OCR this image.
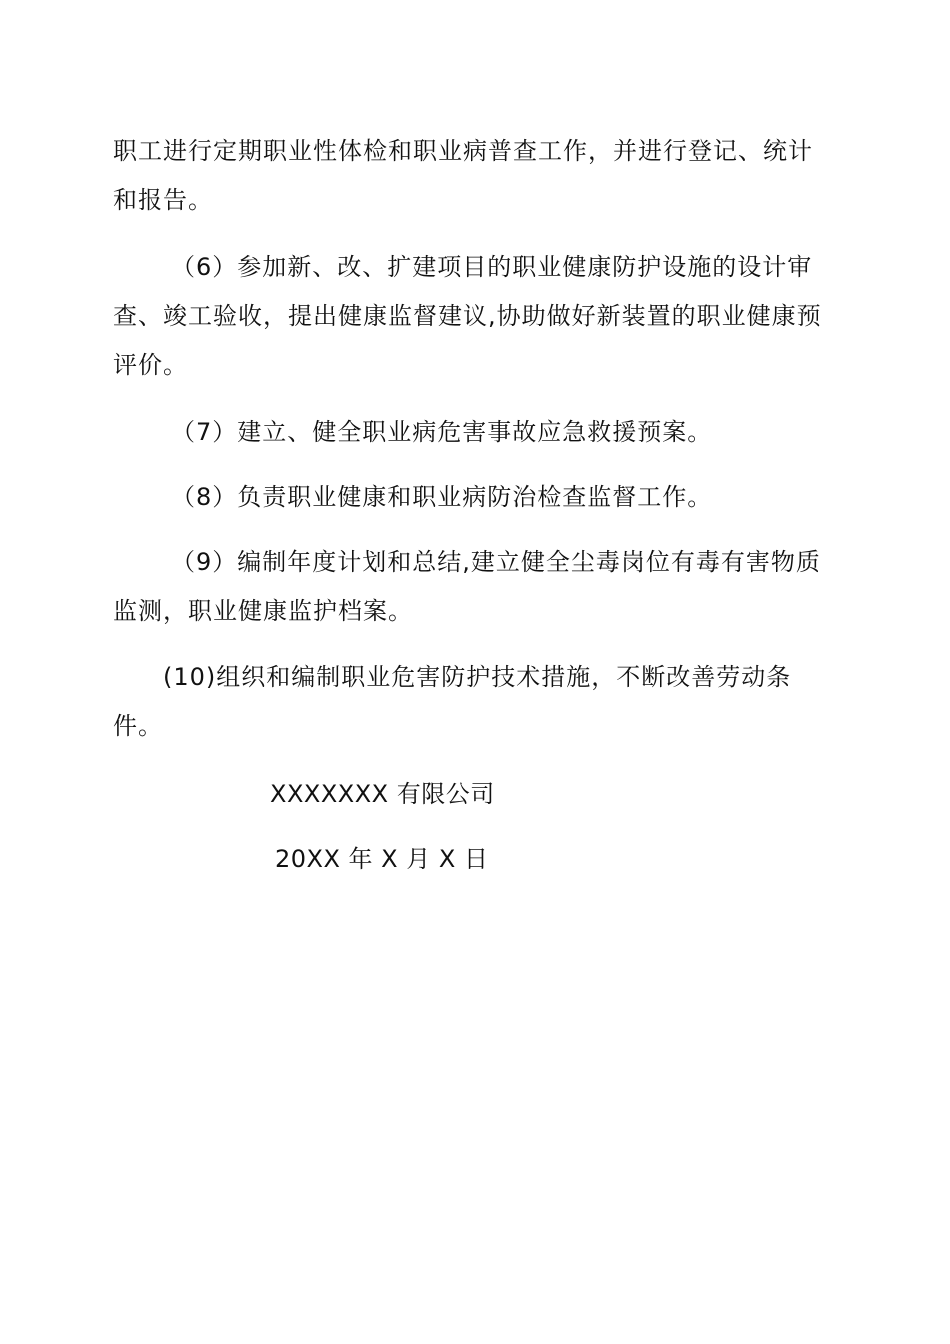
职工进行定期职业性体检和职业病普查工作，并进行登记、统计
和报告。

（6）参加新、改、扩建项目的职业健康防护设施的设计审
查、竣工验收，提出健康监督建议,协助做好新装置的职业健康预
评价。

（7）建立、健全职业病危害事故应急救援预案。

（8）负责职业健康和职业病防治检查监督工作。

（9）编制年度计划和总结,建立健全尘毒岗位有毒有害物质
监测，职业健康监护档案。

(10)组织和编制职业危害防护技术措施，不断改善劳动条
件。

XXXXXXX 有限公司

20XX 年 X 月 X 日
